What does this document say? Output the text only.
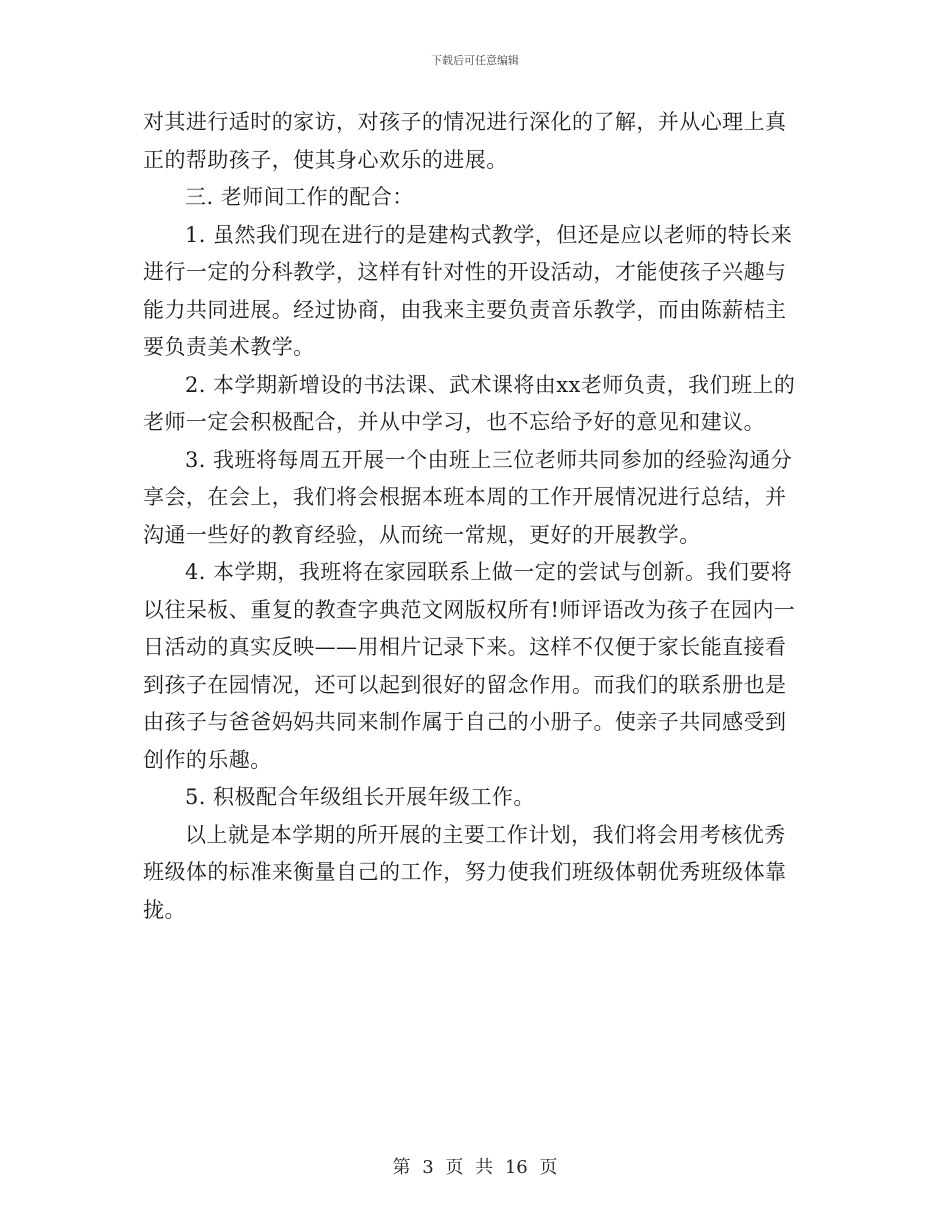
下载后可任意编辑

对其进行适时的家访，对孩子的情况进行深化的了解，并从心理上真正的帮助孩子，使其身心欢乐的进展。

三. 老师间工作的配合：

1. 虽然我们现在进行的是建构式教学，但还是应以老师的特长来进行一定的分科教学，这样有针对性的开设活动，才能使孩子兴趣与能力共同进展。经过协商，由我来主要负责音乐教学，而由陈薪桔主要负责美术教学。

2. 本学期新增设的书法课、武术课将由xx老师负责，我们班上的老师一定会积极配合，并从中学习，也不忘给予好的意见和建议。

3. 我班将每周五开展一个由班上三位老师共同参加的经验沟通分享会，在会上，我们将会根据本班本周的工作开展情况进行总结，并沟通一些好的教育经验，从而统一常规，更好的开展教学。

4. 本学期，我班将在家园联系上做一定的尝试与创新。我们要将以往呆板、重复的教查字典范文网版权所有!师评语改为孩子在园内一日活动的真实反映——用相片记录下来。这样不仅便于家长能直接看到孩子在园情况，还可以起到很好的留念作用。而我们的联系册也是由孩子与爸爸妈妈共同来制作属于自己的小册子。使亲子共同感受到创作的乐趣。

5. 积极配合年级组长开展年级工作。

以上就是本学期的所开展的主要工作计划，我们将会用考核优秀班级体的标准来衡量自己的工作，努力使我们班级体朝优秀班级体靠拢。

第 3 页 共 16 页
